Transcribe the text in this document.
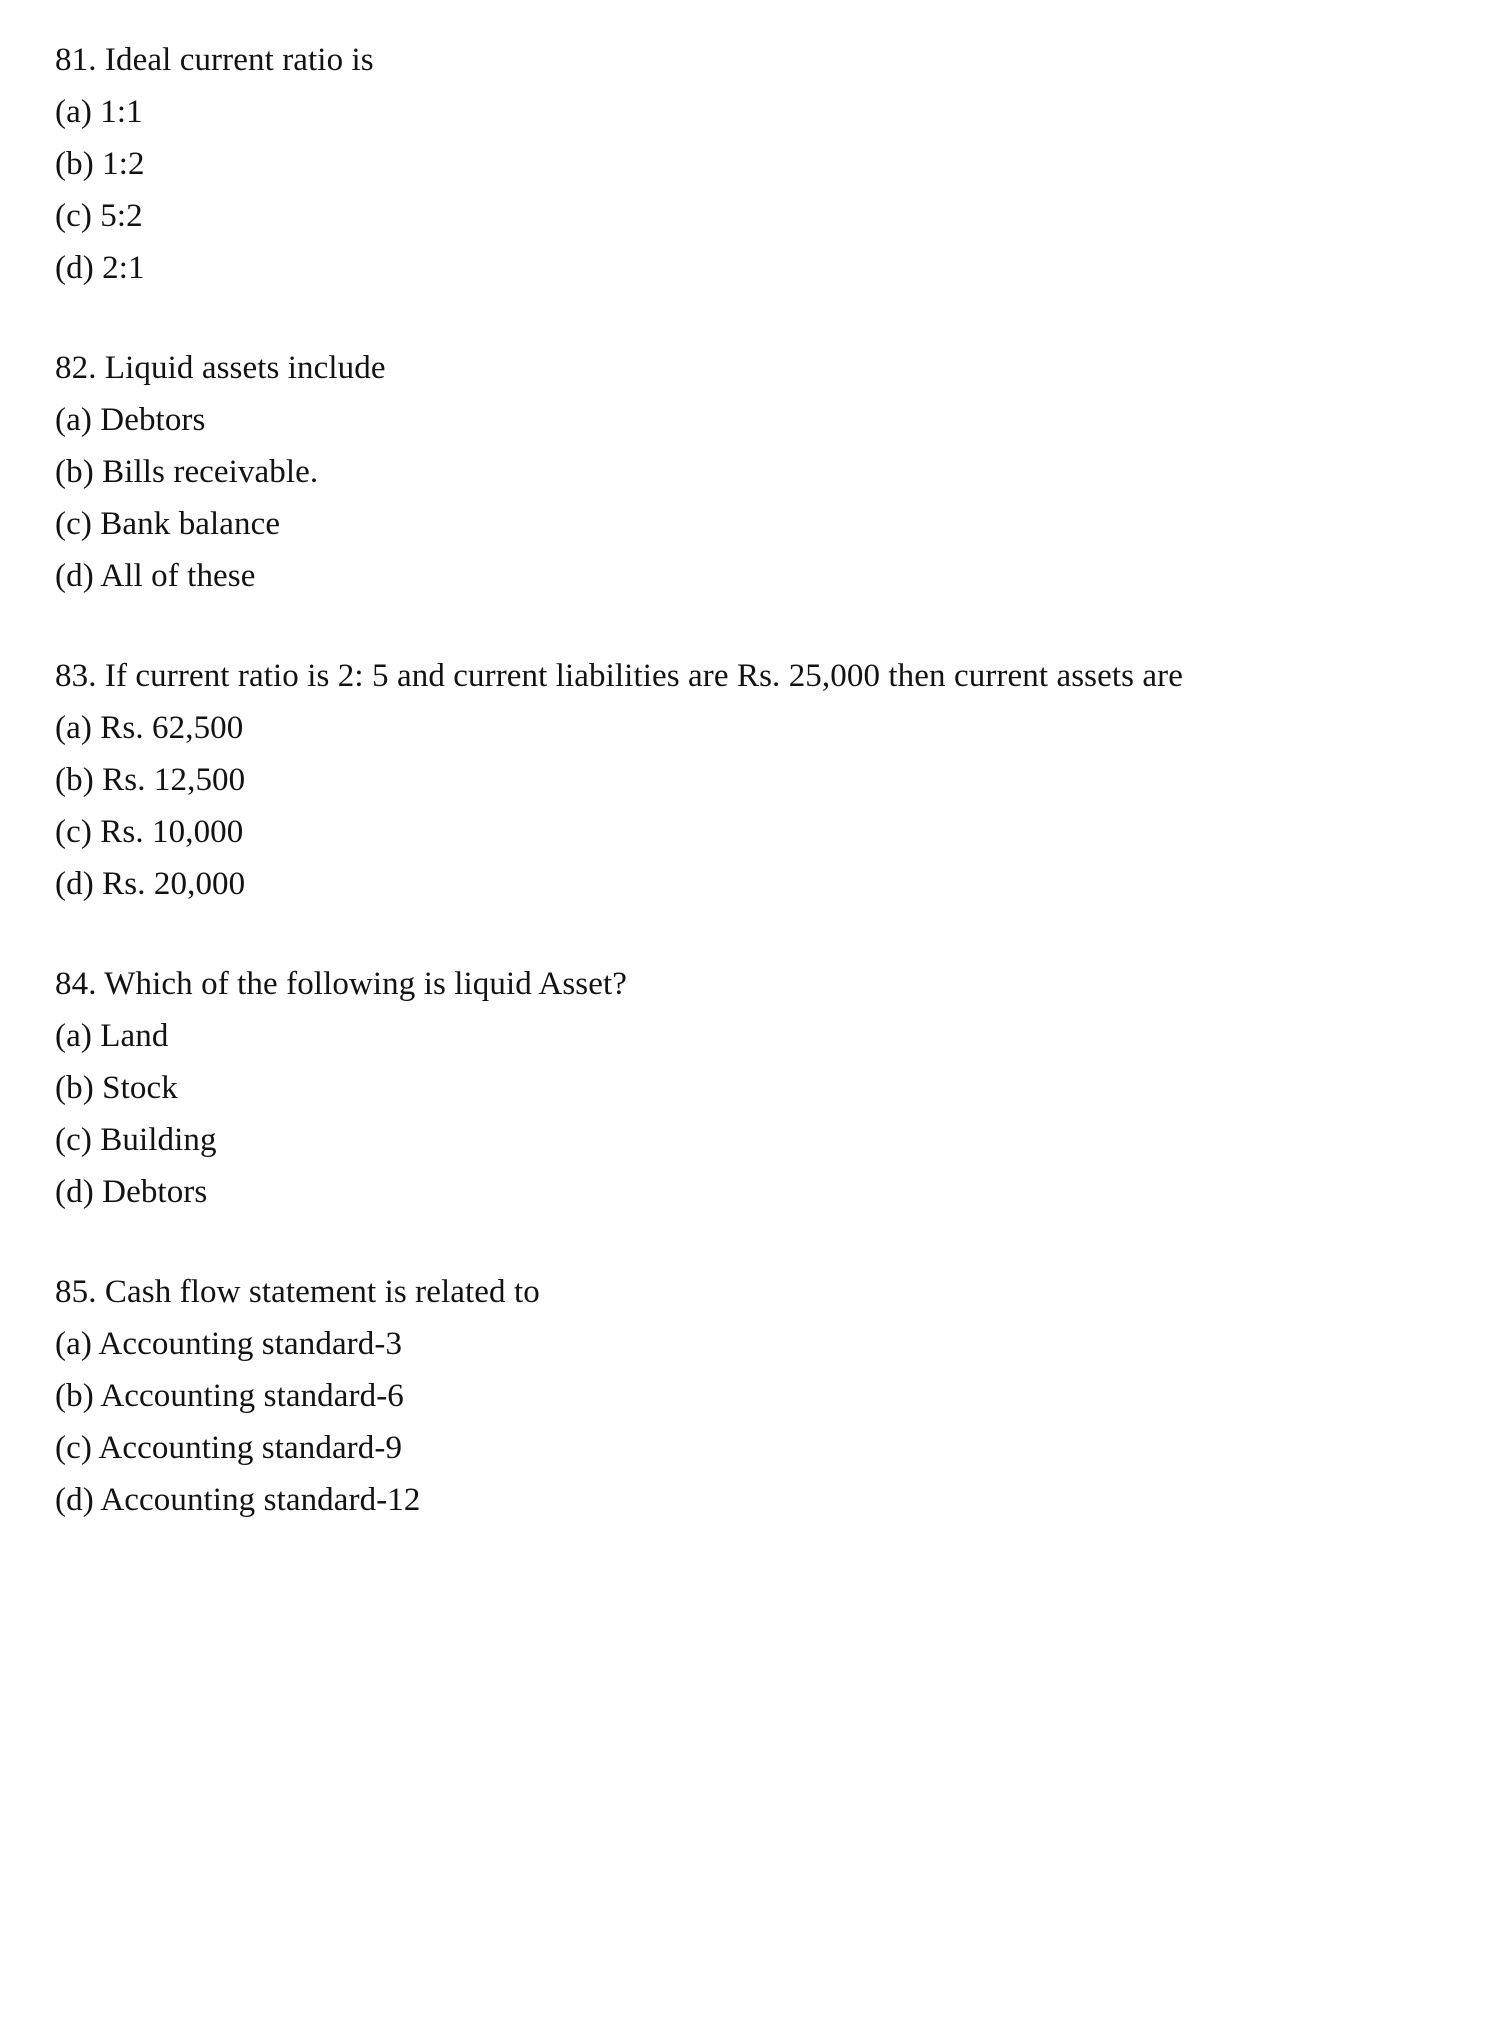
81. Ideal current ratio is
(a) 1:1
(b) 1:2
(c) 5:2
(d) 2:1
82. Liquid assets include
(a) Debtors
(b) Bills receivable.
(c) Bank balance
(d) All of these
83. If current ratio is 2: 5 and current liabilities are Rs. 25,000 then current assets are
(a) Rs. 62,500
(b) Rs. 12,500
(c) Rs. 10,000
(d) Rs. 20,000
84. Which of the following is liquid Asset?
(a) Land
(b) Stock
(c) Building
(d) Debtors
85. Cash flow statement is related to
(a) Accounting standard-3
(b) Accounting standard-6
(c) Accounting standard-9
(d) Accounting standard-12
